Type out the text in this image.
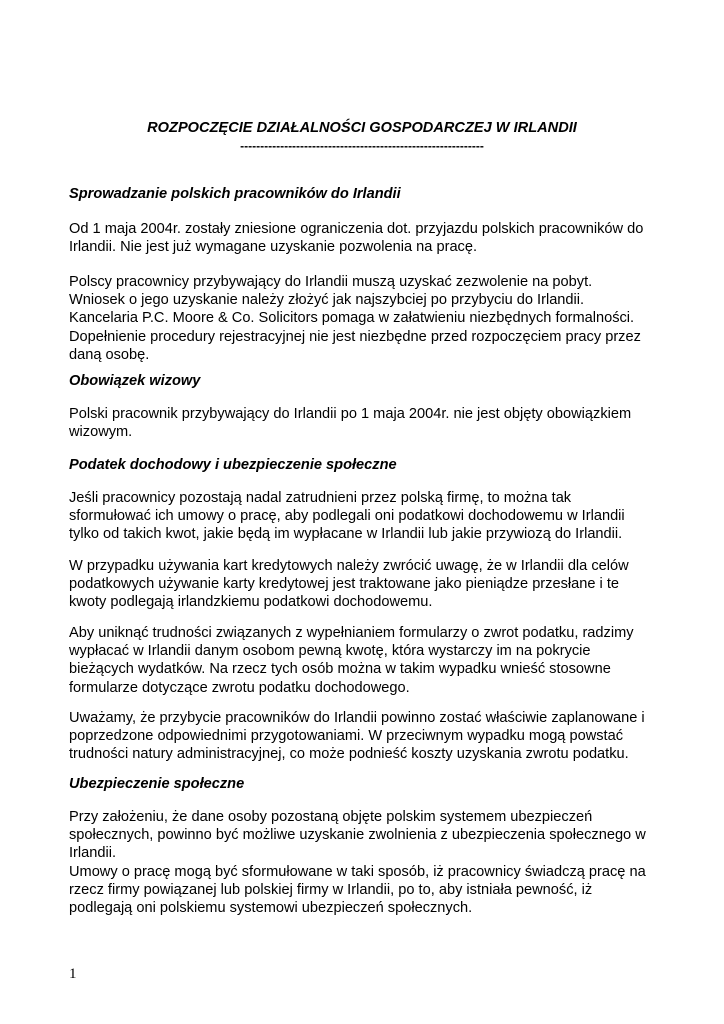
ROZPOCZĘCIE DZIAŁALNOŚCI GOSPODARCZEJ W IRLANDII
-------------------------------------------------------------
Sprowadzanie polskich pracowników do Irlandii
Od 1 maja 2004r. zostały zniesione ograniczenia dot. przyjazdu polskich pracowników do
Irlandii. Nie jest już wymagane uzyskanie pozwolenia na pracę.
Polscy pracownicy przybywający do Irlandii muszą uzyskać zezwolenie na pobyt.
Wniosek o jego uzyskanie należy złożyć jak najszybciej po przybyciu do Irlandii.
Kancelaria P.C. Moore & Co. Solicitors pomaga w załatwieniu niezbędnych formalności.
Dopełnienie procedury rejestracyjnej nie jest niezbędne przed rozpoczęciem pracy przez
daną osobę.
Obowiązek wizowy
Polski pracownik przybywający do Irlandii po 1 maja 2004r. nie jest objęty obowiązkiem
wizowym.
Podatek dochodowy i ubezpieczenie społeczne
Jeśli pracownicy pozostają nadal zatrudnieni przez polską firmę, to można tak
sformułować ich umowy o pracę, aby podlegali oni podatkowi dochodowemu w Irlandii
tylko od takich kwot, jakie będą im wypłacane w Irlandii lub jakie przywiozą do Irlandii.
W przypadku używania kart kredytowych należy zwrócić uwagę, że w Irlandii dla celów
podatkowych używanie karty kredytowej jest traktowane jako pieniądze przesłane i te
kwoty podlegają irlandzkiemu podatkowi dochodowemu.
Aby uniknąć trudności związanych z wypełnianiem formularzy o zwrot podatku, radzimy
wypłacać w Irlandii danym osobom pewną kwotę, która wystarczy im na pokrycie
bieżących wydatków. Na rzecz tych osób można w takim wypadku wnieść stosowne
formularze dotyczące zwrotu podatku dochodowego.
Uważamy, że przybycie pracowników do Irlandii powinno zostać właściwie zaplanowane i
poprzedzone odpowiednimi przygotowaniami. W przeciwnym wypadku mogą powstać
trudności natury administracyjnej, co może podnieść koszty uzyskania zwrotu podatku.
Ubezpieczenie społeczne
Przy założeniu, że dane osoby pozostaną objęte polskim systemem ubezpieczeń
społecznych, powinno być możliwe uzyskanie zwolnienia z ubezpieczenia społecznego w
Irlandii.
Umowy o pracę mogą być sformułowane w taki sposób, iż pracownicy świadczą pracę na
rzecz firmy powiązanej lub polskiej firmy w Irlandii, po to, aby istniała pewność, iż
podlegają oni polskiemu systemowi ubezpieczeń społecznych.
1
